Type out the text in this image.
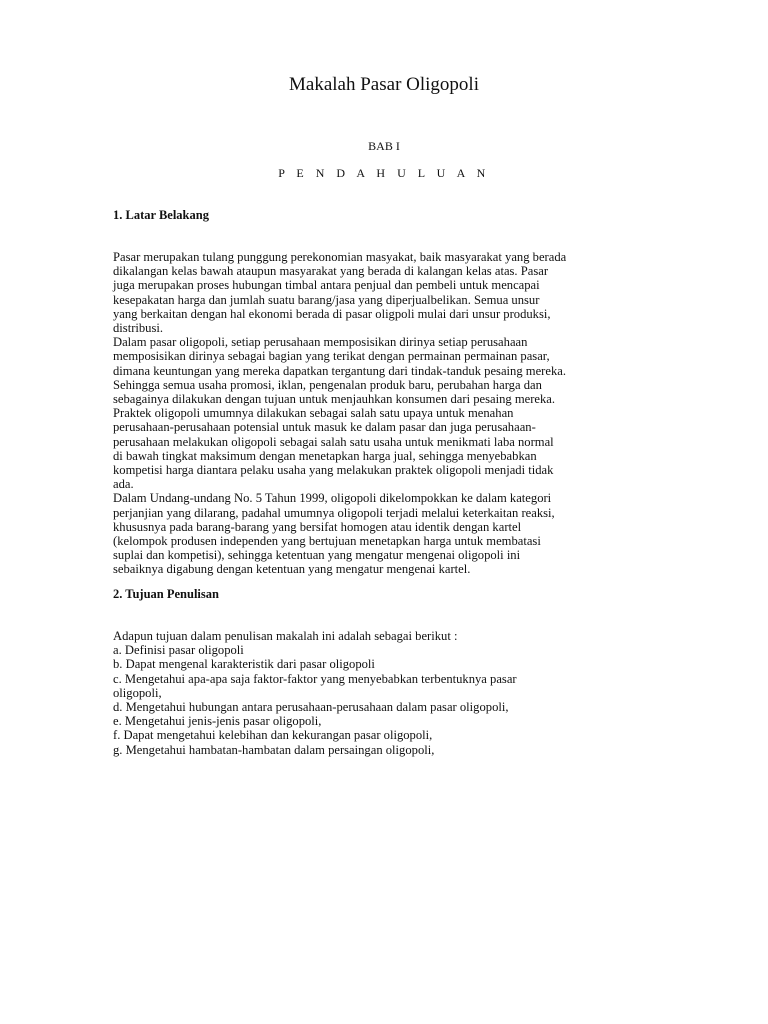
Makalah Pasar Oligopoli
BAB I
P E N D A H U L U A N
1. Latar Belakang
Pasar merupakan tulang punggung perekonomian masyakat, baik masyarakat yang berada
dikalangan kelas bawah ataupun masyarakat yang berada di kalangan kelas atas. Pasar
juga merupakan proses hubungan timbal antara penjual dan pembeli untuk mencapai
kesepakatan harga dan jumlah suatu barang/jasa yang diperjualbelikan. Semua unsur
yang berkaitan dengan hal ekonomi berada di pasar oligpoli mulai dari unsur produksi,
distribusi.
Dalam pasar oligopoli, setiap perusahaan memposisikan dirinya setiap perusahaan
memposisikan dirinya sebagai bagian yang terikat dengan permainan permainan pasar,
dimana keuntungan yang mereka dapatkan tergantung dari tindak-tanduk pesaing mereka.
Sehingga semua usaha promosi, iklan, pengenalan produk baru, perubahan harga dan
sebagainya dilakukan dengan tujuan untuk menjauhkan konsumen dari pesaing mereka.
Praktek oligopoli umumnya dilakukan sebagai salah satu upaya untuk menahan
perusahaan-perusahaan potensial untuk masuk ke dalam pasar dan juga perusahaan-
perusahaan melakukan oligopoli sebagai salah satu usaha untuk menikmati laba normal
di bawah tingkat maksimum dengan menetapkan harga jual, sehingga menyebabkan
kompetisi harga diantara pelaku usaha yang melakukan praktek oligopoli menjadi tidak
ada.
Dalam Undang-undang No. 5 Tahun 1999, oligopoli dikelompokkan ke dalam kategori
perjanjian yang dilarang, padahal umumnya oligopoli terjadi melalui keterkaitan reaksi,
khususnya pada barang-barang yang bersifat homogen atau identik dengan kartel
(kelompok produsen independen yang bertujuan menetapkan harga untuk membatasi
suplai dan kompetisi), sehingga ketentuan yang mengatur mengenai oligopoli ini
sebaiknya digabung dengan ketentuan yang mengatur mengenai kartel.
2. Tujuan Penulisan
Adapun tujuan dalam penulisan makalah ini adalah sebagai berikut :
a. Definisi pasar oligopoli
b. Dapat mengenal karakteristik dari pasar oligopoli
c. Mengetahui apa-apa saja faktor-faktor yang menyebabkan terbentuknya pasar
oligopoli,
d. Mengetahui hubungan antara perusahaan-perusahaan dalam pasar oligopoli,
e. Mengetahui jenis-jenis pasar oligopoli,
f. Dapat mengetahui kelebihan dan kekurangan pasar oligopoli,
g. Mengetahui hambatan-hambatan dalam persaingan oligopoli,
